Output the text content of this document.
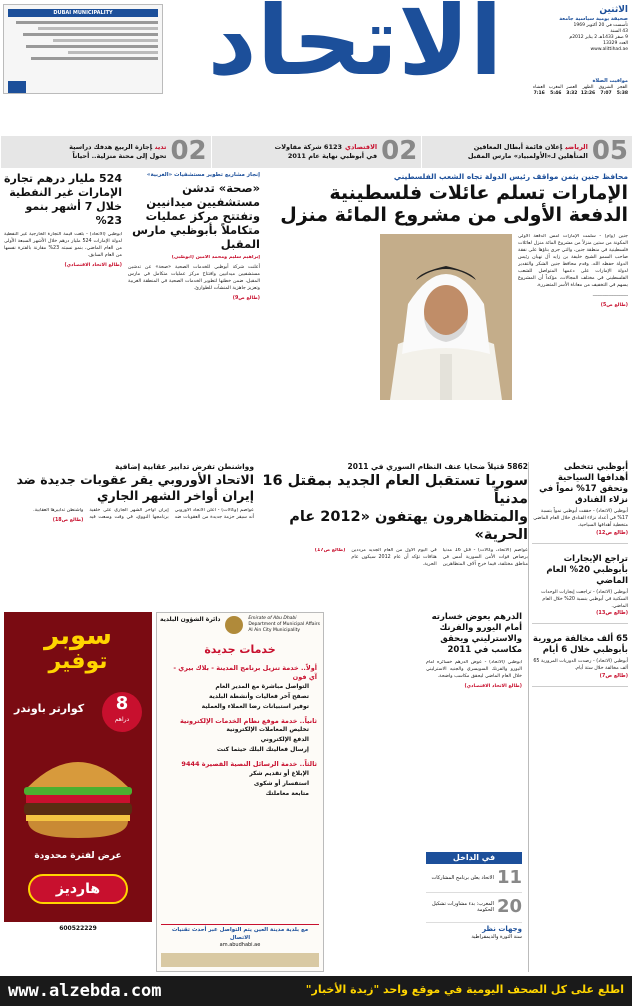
DUBAI MUNICIPALITY الاتحاد	الاثنين
صحيفة يومية سياسية جامعة
تأسست في 20 أكتوبر 1969
43 السنة
9 صفر 1433هـ 2 يناير 2012م
العدد 13329
www.alittihad.ae
مواقيت الصلاة
الفجر
5:38
الشروق
7:07
الظهر
12:26
العصر
3:32
المغرب
5:46
العشاء
7:16
05
الرياضيإعلان قائمة أبطال المعاقين
المتأهلين لـ«الأولمبياد» مارس المقبل
02
الاقتصادي6123 شركة مقاولات
في أبوظبي نهاية عام 2011
02
تدينإجازة الربيع هدفك دراسية
تحول إلى محنة منزلية.. أحياناً
محافظ جنين يثمن مواقف رئيس الدولة تجاه الشعب الفلسطيني
الإمارات تسلم عائلات فلسطينية
الدفعة الأولى من مشروع المائة منزل

جنين (وام) - سلمت الإمارات أمس الدفعة الأولى المكونة من ستين منزلاً من مشروع المائة منزل لعائلات فلسطينية في منطقة جنين، والتي جرى بناؤها على نفقة صاحب السمو الشيخ خليفة بن زايد آل نهيان رئيس الدولة حفظه الله. وقدم محافظ جنين الشكر والتقدير لدولة الإمارات على دعمها المتواصل للشعب الفلسطيني في مختلف المجالات، مؤكداً أن المشروع يسهم في التخفيف من معاناة الأسر المتضررة.

ـــــــــــــــــــــــــ

(طالع ص5)

إنجاز مشاريع تطوير مستشفيات «الغربية»
«صحة» تدشن مستشفيين ميدانيين وتفتتح مركز عمليات متكاملاً بأبوظبي مارس المقبل

إبراهيم سليم ومحمد الأمين (أبوظبي)

أعلنت شركة أبوظبي للخدمات الصحية «صحة» عن تدشين مستشفيين ميدانيين وافتتاح مركز عمليات متكامل في مارس المقبل، ضمن خطتها لتطوير الخدمات الصحية في المنطقة الغربية وتعزيز جاهزية المنشآت للطوارئ.

(طالع ص9)

524 مليار درهم تجارة الإمارات غير النفطية خلال 7 أشهر بنمو 23%

أبوظبي (الاتحاد) - بلغت قيمة التجارة الخارجية غير النفطية لدولة الإمارات 524 مليار درهم خلال الأشهر السبعة الأولى من العام الماضي، بنمو نسبته 23% مقارنة بالفترة نفسها من العام السابق.

(طالع الاتحاد الاقتصادي)

5862 قتيلاً ضحايا عنف النظام السوري في 2011
سوريا تستقبل العام الجديد بمقتل 16 مدنياً
والمتظاهرون يهتفون «2012 عام الحرية»

عواصم (الاتحاد، وكالات) - قتل 16 مدنياً برصاص قوات الأمن السورية أمس في مناطق مختلفة، فيما خرج آلاف المتظاهرين في اليوم الأول من العام الجديد مرددين هتافات تؤكد أن عام 2012 سيكون عام الحرية.

(طالع ص17)

وواشنطن تفرض تدابير عقابية إضافية
الاتحاد الأوروبي يقر عقوبات جديدة ضد إيران أواخر الشهر الجاري

عواصم (وكالات) - أعلن الاتحاد الأوروبي أنه سيقر حزمة جديدة من العقوبات ضد إيران أواخر الشهر الجاري على خلفية برنامجها النووي، في وقت وسعت فيه واشنطن تدابيرها العقابية.

(طالع ص18)

أبوظبي تتخطى أهدافها السياحية وتحقق 17% نمواً في نزلاء الفنادق
أبوظبي (الاتحاد) - حققت أبوظبي نمواً بنسبة 17% في أعداد نزلاء الفنادق خلال العام الماضي متخطية أهدافها السياحية.
(طالع ص12)
تراجع الإيجارات بأبوظبي 20% العام الماضي
أبوظبي (الاتحاد) - تراجعت إيجارات الوحدات السكنية في أبوظبي بنسبة 20% خلال العام الماضي.
(طالع ص13)
65 ألف مخالفة مرورية بأبوظبي خلال 6 أيام
أبوظبي (الاتحاد) - رصدت الدوريات المرورية 65 ألف مخالفة خلال ستة أيام.
(طالع ص7)
الدرهم يعوض خسارته أمام اليورو والفرنك والاسترليني ويحقق مكاسب في 2011

أبوظبي (الاتحاد) - عوض الدرهم خسائره أمام اليورو والفرنك السويسري والجنيه الاسترليني خلال العام الماضي ليحقق مكاسب واضحة.

(طالع الاتحاد الاقتصادي)

في الداخل
11
الاتحاد يعلن برنامج المشاركات
20
المغرب: بدء مشاورات تشكيل الحكومة
وجهات نظر
سنة الثورة والديمقراطية
Emirate of Abu Dhabi
Department of Municipal Affairs
Al Ain City Municipality
دائرة الشؤون البلدية
خدمات جديدة
أولاً.. خدمة تنزيل برنامج المدينة - بلاك بيري - آي فون
التواصل مباشرة مع المدير العام
تصفح آخر فعاليات وأنشطة البلدية
توفير استبيانات رضا العملاء والعملية
ثانياً.. خدمة موقع نظام الخدمات الإلكترونية
تخليص المعاملات الإلكترونية
الدفع الإلكتروني
إرسال فعاليتك البلك حيثما كنت
ثالثاً.. خدمة الرسائل النصية القصيرة 9444
الإبلاغ أو تقديم شكر
استفسار أو شكوى
متابعة معاملتك
مع بلدية مدينة العين يتم التواصل عبر أحدث تقنيات الاتصال
am.abudhabi.ae
سوبر
توفير
8
دراهم
كوارتر باوندر
عرض لفترة محدودة
هارديز
600522229
اطلع على كل الصحف اليومية في موقع واحد "زبدة الأخبار"
www.alzebda.com
